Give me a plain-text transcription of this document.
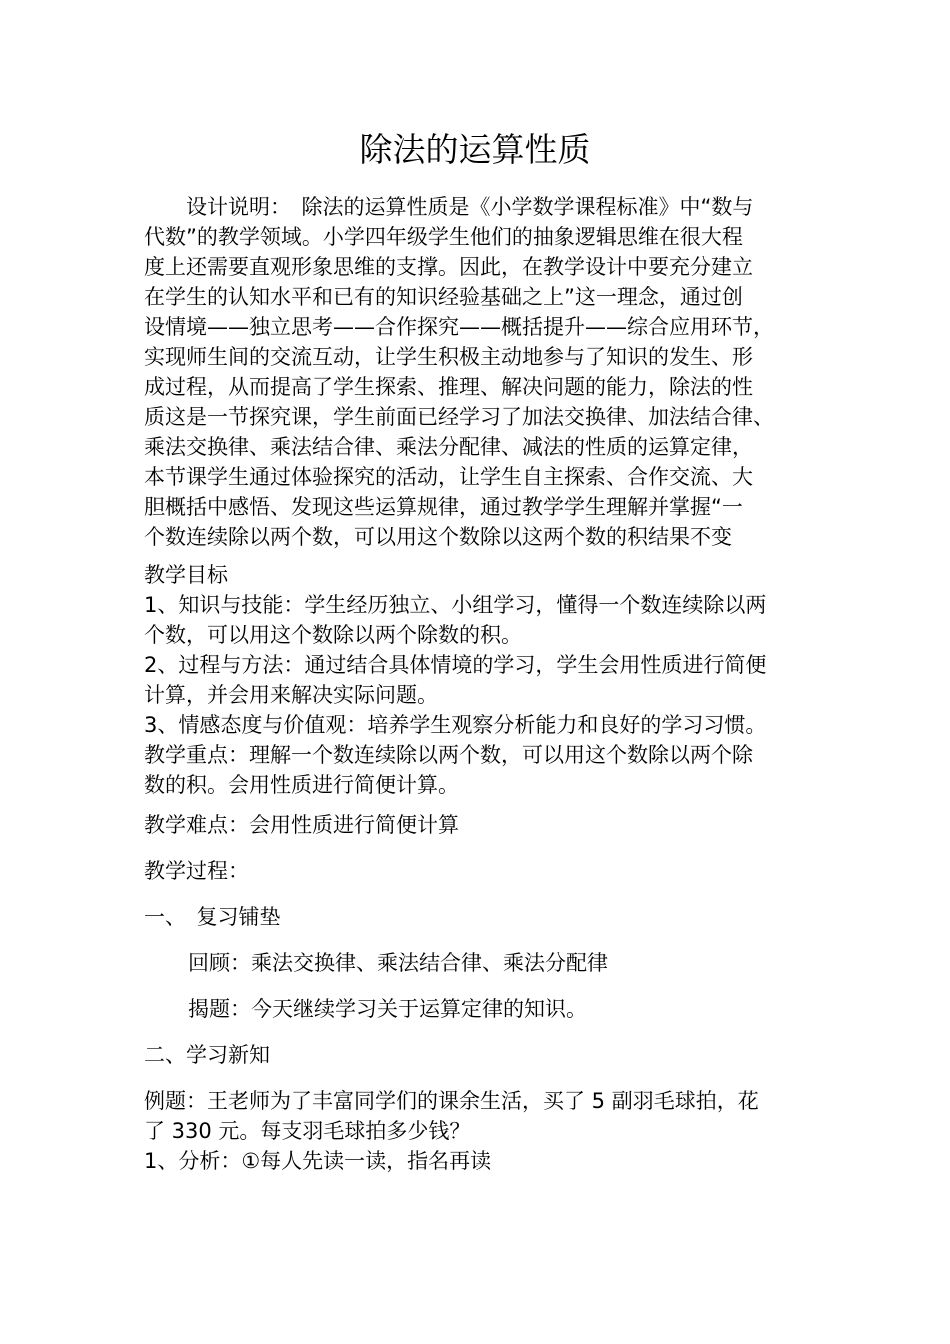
除法的运算性质
　　设计说明：　除法的运算性质是《小学数学课程标准》中“数与
代数”的教学领域。小学四年级学生他们的抽象逻辑思维在很大程
度上还需要直观形象思维的支撑。因此，在教学设计中要充分建立
在学生的认知水平和已有的知识经验基础之上”这一理念，通过创
设情境——独立思考——合作探究——概括提升——综合应用环节，
实现师生间的交流互动，让学生积极主动地参与了知识的发生、形
成过程，从而提高了学生探索、推理、解决问题的能力，除法的性
质这是一节探究课，学生前面已经学习了加法交换律、加法结合律、
乘法交换律、乘法结合律、乘法分配律、减法的性质的运算定律，
本节课学生通过体验探究的活动，让学生自主探索、合作交流、大
胆概括中感悟、发现这些运算规律，通过教学学生理解并掌握“一
个数连续除以两个数，可以用这个数除以这两个数的积结果不变
教学目标
1、知识与技能：学生经历独立、小组学习，懂得一个数连续除以两
个数，可以用这个数除以两个除数的积。
2、过程与方法：通过结合具体情境的学习，学生会用性质进行简便
计算，并会用来解决实际问题。
3、情感态度与价值观：培养学生观察分析能力和良好的学习习惯。
教学重点：理解一个数连续除以两个数，可以用这个数除以两个除
数的积。会用性质进行简便计算。
教学难点：会用性质进行简便计算
教学过程：
一、　复习铺垫
回顾：乘法交换律、乘法结合律、乘法分配律
揭题：今天继续学习关于运算定律的知识。
二、学习新知
例题：王老师为了丰富同学们的课余生活，买了 5 副羽毛球拍，花
了 330 元。每支羽毛球拍多少钱？
1、分析：①每人先读一读，指名再读
